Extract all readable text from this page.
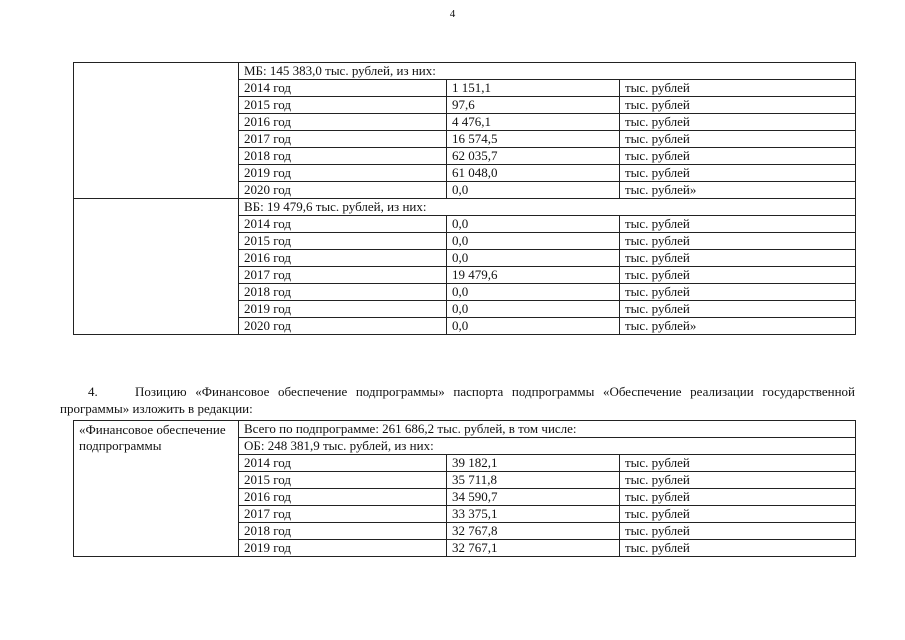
4
	МБ: 145 383,0 тыс. рублей, из них:		
	2014 год	1 151,1	тыс. рублей
	2015 год	97,6	тыс. рублей
	2016 год	4 476,1	тыс. рублей
	2017 год	16 574,5	тыс. рублей
	2018 год	62 035,7	тыс. рублей
	2019 год	61 048,0	тыс. рублей
	2020 год	0,0	тыс. рублей»
	ВБ: 19 479,6 тыс. рублей, из них:		
	2014 год	0,0	тыс. рублей
	2015 год	0,0	тыс. рублей
	2016 год	0,0	тыс. рублей
	2017 год	19 479,6	тыс. рублей
	2018 год	0,0	тыс. рублей
	2019 год	0,0	тыс. рублей
	2020 год	0,0	тыс. рублей»
4.	Позицию «Финансовое обеспечение подпрограммы» паспорта подпрограммы «Обеспечение реализации государственной программы» изложить в редакции:
«Финансовое обеспечение подпрограммы	Всего по подпрограмме: 261 686,2 тыс. рублей, в том числе:		
	ОБ: 248 381,9 тыс. рублей, из них:		
	2014 год	39 182,1	тыс. рублей
	2015 год	35 711,8	тыс. рублей
	2016 год	34 590,7	тыс. рублей
	2017 год	33 375,1	тыс. рублей
	2018 год	32 767,8	тыс. рублей
	2019 год	32 767,1	тыс. рублей
